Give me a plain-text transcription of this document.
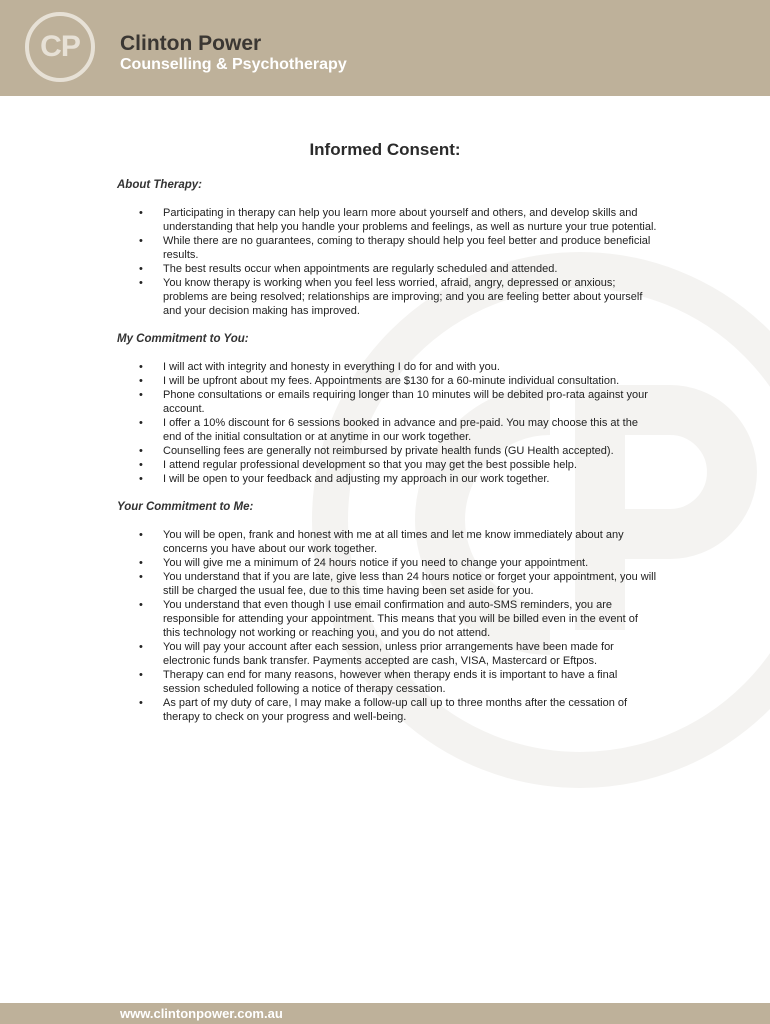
CP	Clinton Power
Counselling & Psychotherapy
Informed Consent:
About Therapy:
• Participating in therapy can help you learn more about yourself and others, and develop skills and understanding that help you handle your problems and feelings, as well as nurture your true potential.
• While there are no guarantees, coming to therapy should help you feel better and produce beneficial results.
• The best results occur when appointments are regularly scheduled and attended.
• You know therapy is working when you feel less worried, afraid, angry, depressed or anxious; problems are being resolved; relationships are improving; and you are feeling better about yourself and your decision making has improved.
My Commitment to You:
• I will act with integrity and honesty in everything I do for and with you.
• I will be upfront about my fees. Appointments are $130 for a 60-minute individual consultation.
• Phone consultations or emails requiring longer than 10 minutes will be debited pro-rata against your account.
• I offer a 10% discount for 6 sessions booked in advance and pre-paid. You may choose this at the end of the initial consultation or at anytime in our work together.
• Counselling fees are generally not reimbursed by private health funds (GU Health accepted).
• I attend regular professional development so that you may get the best possible help.
• I will be open to your feedback and adjusting my approach in our work together.
Your Commitment to Me:
• You will be open, frank and honest with me at all times and let me know immediately about any concerns you have about our work together.
• You will give me a minimum of 24 hours notice if you need to change your appointment.
• You understand that if you are late, give less than 24 hours notice or forget your appointment, you will still be charged the usual fee, due to this time having been set aside for you.
• You understand that even though I use email confirmation and auto-SMS reminders, you are responsible for attending your appointment. This means that you will be billed even in the event of this technology not working or reaching you, and you do not attend.
• You will pay your account after each session, unless prior arrangements have been made for electronic funds bank transfer. Payments accepted are cash, VISA, Mastercard or Eftpos.
• Therapy can end for many reasons, however when therapy ends it is important to have a final session scheduled following a notice of therapy cessation.
• As part of my duty of care, I may make a follow-up call up to three months after the cessation of therapy to check on your progress and well-being.
www.clintonpower.com.au
